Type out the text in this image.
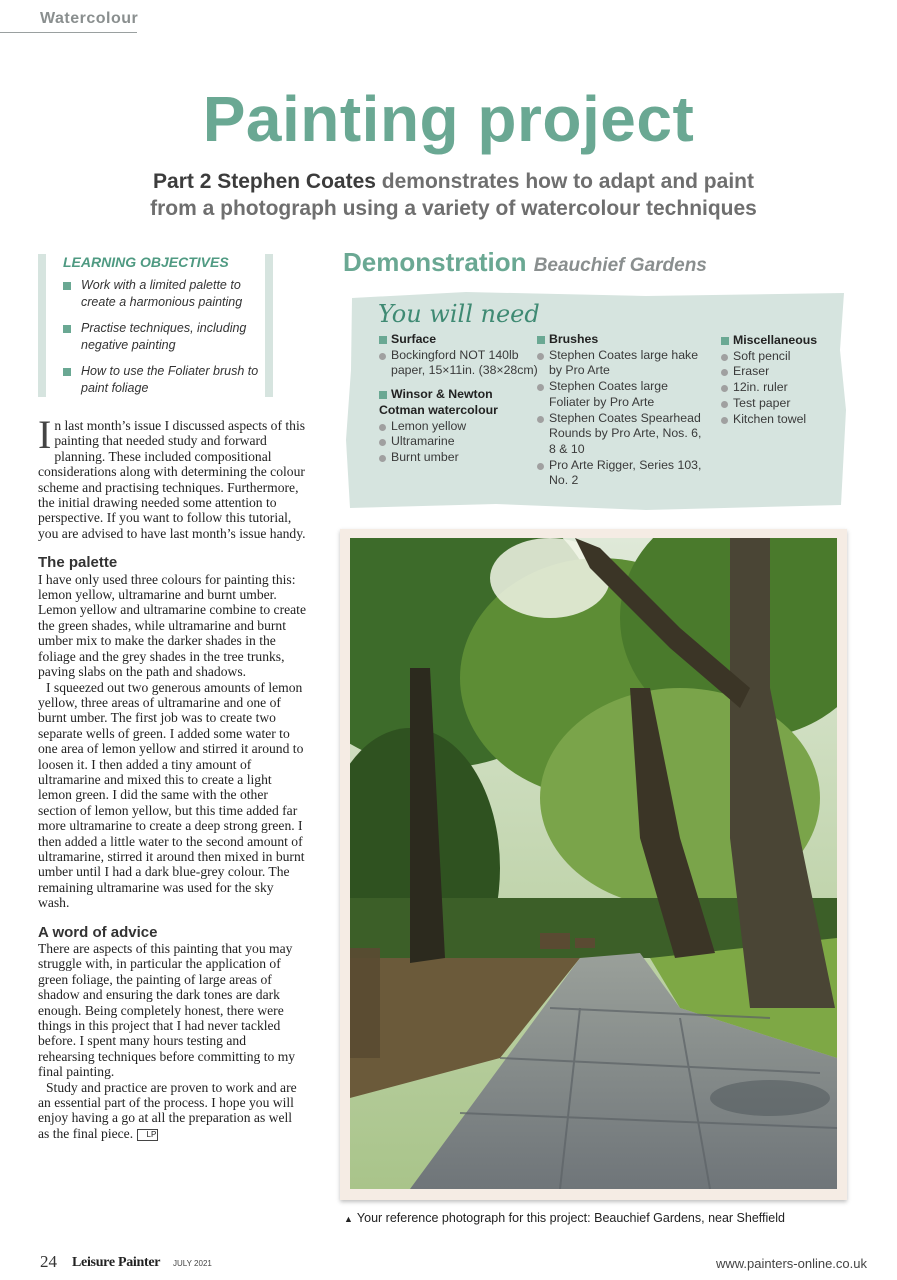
Watercolour
Painting project
Part 2 Stephen Coates demonstrates how to adapt and paint
from a photograph using a variety of watercolour techniques
LEARNING OBJECTIVES
Work with a limited palette to create a harmonious painting
Practise techniques, including negative painting
How to use the Foliater brush to paint foliage

In last month’s issue I discussed aspects of this painting that needed study and forward planning. These included compositional considerations along with determining the colour scheme and practising techniques. Furthermore, the initial drawing needed some attention to perspective. If you want to follow this tutorial, you are advised to have last month’s issue handy.

The palette

I have only used three colours for painting this: lemon yellow, ultramarine and burnt umber. Lemon yellow and ultramarine combine to create the green shades, while ultramarine and burnt umber mix to make the darker shades in the foliage and the grey shades in the tree trunks, paving slabs on the path and shadows.

I squeezed out two generous amounts of lemon yellow, three areas of ultramarine and one of burnt umber. The first job was to create two separate wells of green. I added some water to one area of lemon yellow and stirred it around to loosen it. I then added a tiny amount of ultramarine and mixed this to create a light lemon green. I did the same with the other section of lemon yellow, but this time added far more ultramarine to create a deep strong green. I then added a little water to the second amount of ultramarine, stirred it around then mixed in burnt umber until I had a dark blue-grey colour. The remaining ultramarine was used for the sky wash.

A word of advice

There are aspects of this painting that you may struggle with, in particular the application of green foliage, the painting of large areas of shadow and ensuring the dark tones are dark enough. Being completely honest, there were things in this project that I had never tackled before. I spent many hours testing and rehearsing techniques before committing to my final painting.

Study and practice are proven to work and are an essential part of the process. I hope you will enjoy having a go at all the preparation as well as the final piece. LP

Demonstration Beauchief Gardens
You will need
Surface
Bockingford NOT 140lb paper, 15×11in. (38×28cm)
Winsor & Newton
Cotman watercolour
Lemon yellow
Ultramarine
Burnt umber
Brushes
Stephen Coates large hake by Pro Arte
Stephen Coates large Foliater by Pro Arte
Stephen Coates Spearhead Rounds by Pro Arte, Nos. 6, 8 & 10
Pro Arte Rigger, Series 103, No. 2
Miscellaneous
Soft pencil
Eraser
12in. ruler
Test paper
Kitchen towel
▲ Your reference photograph for this project: Beauchief Gardens, near Sheffield
24 Leisure Painter JULY 2021	www.painters-online.co.uk
